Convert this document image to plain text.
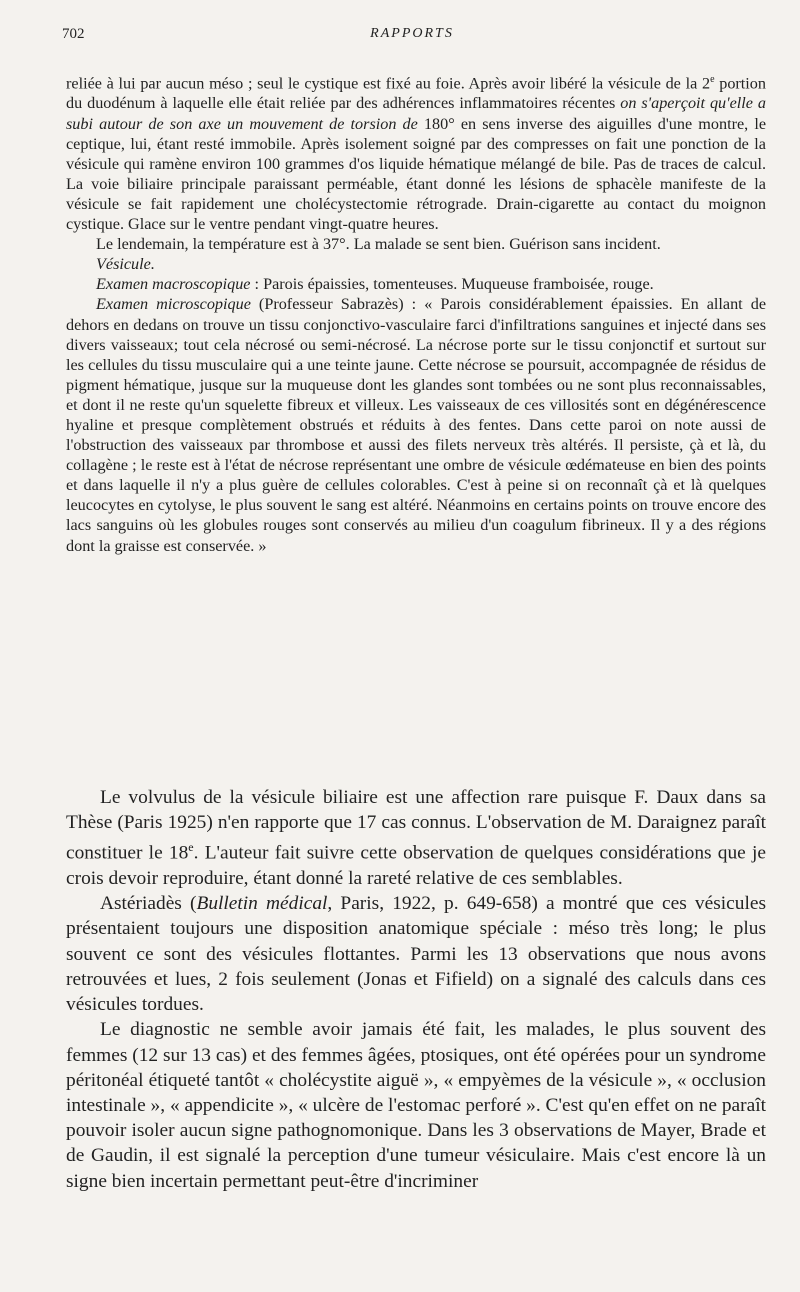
702	RAPPORTS

reliée à lui par aucun méso ; seul le cystique est fixé au foie. Après avoir libéré la vésicule de la 2e portion du duodénum à laquelle elle était reliée par des adhérences inflammatoires récentes on s'aperçoit qu'elle a subi autour de son axe un mouvement de torsion de 180° en sens inverse des aiguilles d'une montre, le ceptique, lui, étant resté immobile. Après isolement soigné par des compresses on fait une ponction de la vésicule qui ramène environ 100 grammes d'os liquide hématique mélangé de bile. Pas de traces de calcul. La voie biliaire principale paraissant perméable, étant donné les lésions de sphacèle manifeste de la vésicule se fait rapidement une cholécystectomie rétrograde. Drain-cigarette au contact du moignon cystique. Glace sur le ventre pendant vingt-quatre heures.

Le lendemain, la température est à 37°. La malade se sent bien. Guérison sans incident.

Vésicule.

Examen macroscopique : Parois épaissies, tomenteuses. Muqueuse framboisée, rouge.

Examen microscopique (Professeur Sabrazès) : « Parois considérablement épaissies. En allant de dehors en dedans on trouve un tissu conjonctivo-vasculaire farci d'infiltrations sanguines et injecté dans ses divers vaisseaux; tout cela nécrosé ou semi-nécrosé. La nécrose porte sur le tissu conjonctif et surtout sur les cellules du tissu musculaire qui a une teinte jaune. Cette nécrose se poursuit, accompagnée de résidus de pigment hématique, jusque sur la muqueuse dont les glandes sont tombées ou ne sont plus reconnaissables, et dont il ne reste qu'un squelette fibreux et villeux. Les vaisseaux de ces villosités sont en dégénérescence hyaline et presque complètement obstrués et réduits à des fentes. Dans cette paroi on note aussi de l'obstruction des vaisseaux par thrombose et aussi des filets nerveux très altérés. Il persiste, çà et là, du collagène ; le reste est à l'état de nécrose représentant une ombre de vésicule œdémateuse en bien des points et dans laquelle il n'y a plus guère de cellules colorables. C'est à peine si on reconnaît çà et là quelques leucocytes en cytolyse, le plus souvent le sang est altéré. Néanmoins en certains points on trouve encore des lacs sanguins où les globules rouges sont conservés au milieu d'un coagulum fibrineux. Il y a des régions dont la graisse est conservée. »

Le volvulus de la vésicule biliaire est une affection rare puisque F. Daux dans sa Thèse (Paris 1925) n'en rapporte que 17 cas connus. L'observation de M. Daraignez paraît constituer le 18e. L'auteur fait suivre cette observation de quelques considérations que je crois devoir reproduire, étant donné la rareté relative de ces semblables.

Astériadès (Bulletin médical, Paris, 1922, p. 649-658) a montré que ces vésicules présentaient toujours une disposition anatomique spéciale : méso très long; le plus souvent ce sont des vésicules flottantes. Parmi les 13 observations que nous avons retrouvées et lues, 2 fois seulement (Jonas et Fifield) on a signalé des calculs dans ces vésicules tordues.

Le diagnostic ne semble avoir jamais été fait, les malades, le plus souvent des femmes (12 sur 13 cas) et des femmes âgées, ptosiques, ont été opérées pour un syndrome péritonéal étiqueté tantôt « cholécystite aiguë », « empyèmes de la vésicule », « occlusion intestinale », « appendicite », « ulcère de l'estomac perforé ». C'est qu'en effet on ne paraît pouvoir isoler aucun signe pathognomonique. Dans les 3 observations de Mayer, Brade et de Gaudin, il est signalé la perception d'une tumeur vésiculaire. Mais c'est encore là un signe bien incertain permettant peut-être d'incriminer
